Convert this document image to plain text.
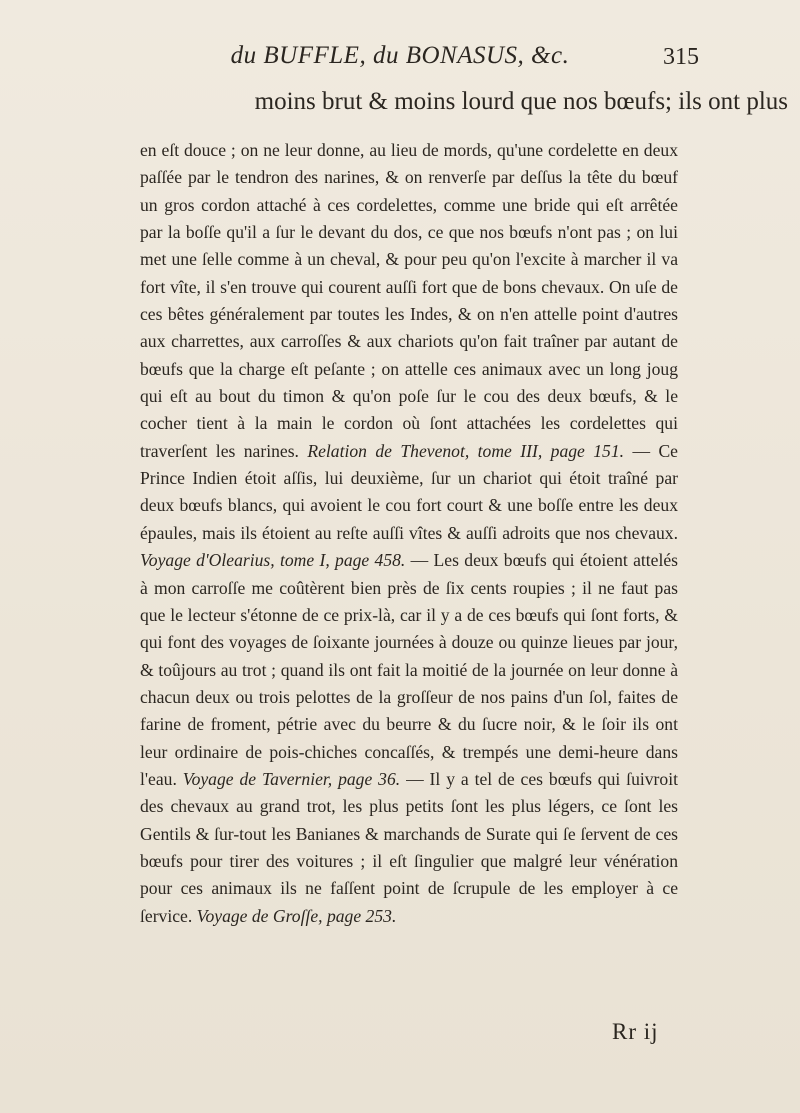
du BUFFLE, du BONASUS, &c.	315
moins brut & moins lourd que nos bœufs; ils ont plus

en eſt douce ; on ne leur donne, au lieu de mords, qu'une cordelette en deux paſſée par le tendron des narines, & on renverſe par deſſus la tête du bœuf un gros cordon attaché à ces cordelettes, comme une bride qui eſt arrêtée par la boſſe qu'il a ſur le devant du dos, ce que nos bœufs n'ont pas ; on lui met une ſelle comme à un cheval, & pour peu qu'on l'excite à marcher il va fort vîte, il s'en trouve qui courent auſſi fort que de bons chevaux. On uſe de ces bêtes généralement par toutes les Indes, & on n'en attelle point d'autres aux charrettes, aux carroſſes & aux chariots qu'on fait traîner par autant de bœufs que la charge eſt peſante ; on attelle ces animaux avec un long joug qui eſt au bout du timon & qu'on poſe ſur le cou des deux bœufs, & le cocher tient à la main le cordon où ſont attachées les cordelettes qui traverſent les narines. Relation de Thevenot, tome III, page 151. — Ce Prince Indien étoit aſſis, lui deuxième, ſur un chariot qui étoit traîné par deux bœufs blancs, qui avoient le cou fort court & une boſſe entre les deux épaules, mais ils étoient au reſte auſſi vîtes & auſſi adroits que nos chevaux. Voyage d'Olearius, tome I, page 458. — Les deux bœufs qui étoient attelés à mon carroſſe me coûtèrent bien près de ſix cents roupies ; il ne faut pas que le lecteur s'étonne de ce prix-là, car il y a de ces bœufs qui ſont forts, & qui font des voyages de ſoixante journées à douze ou quinze lieues par jour, & toûjours au trot ; quand ils ont fait la moitié de la journée on leur donne à chacun deux ou trois pelottes de la groſſeur de nos pains d'un ſol, faites de farine de froment, pétrie avec du beurre & du ſucre noir, & le ſoir ils ont leur ordinaire de pois-chiches concaſſés, & trempés une demi-heure dans l'eau. Voyage de Tavernier, page 36. — Il y a tel de ces bœufs qui ſuivroit des chevaux au grand trot, les plus petits ſont les plus légers, ce ſont les Gentils & ſur-tout les Banianes & marchands de Surate qui ſe ſervent de ces bœufs pour tirer des voitures ; il eſt ſingulier que malgré leur vénération pour ces animaux ils ne faſſent point de ſcrupule de les employer à ce ſervice. Voyage de Groſſe, page 253.

Rr ij
